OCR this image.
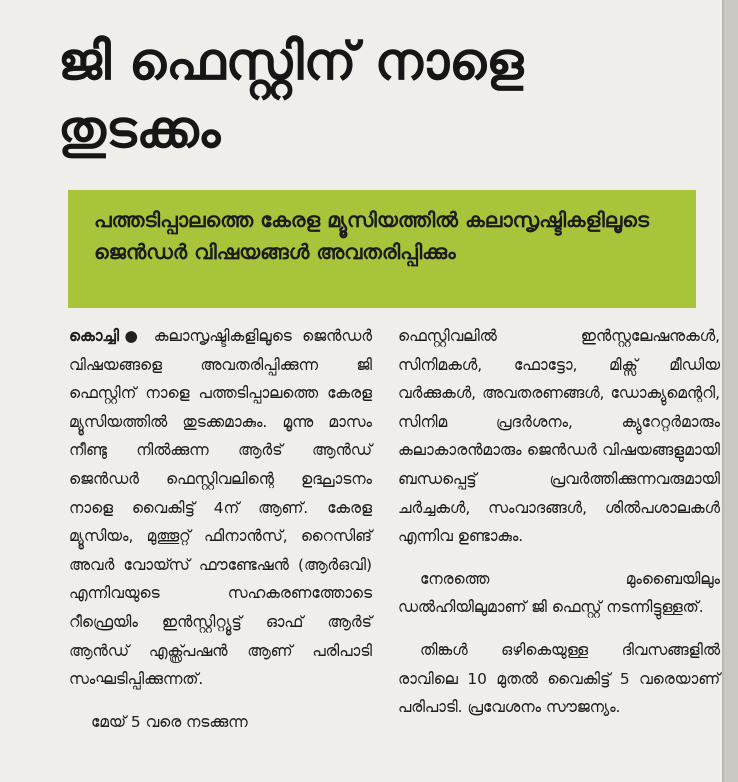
ജി ഫെസ്റ്റിന് നാളെ തുടക്കം

പത്തടിപ്പാലത്തെ കേരള മ്യൂസിയത്തിൽ കലാസൃഷ്ടികളിലൂടെ ജെൻഡർ വിഷയങ്ങൾ അവതരിപ്പിക്കും

കൊച്ചി● കലാസൃഷ്ടികളിലൂടെ ജെൻഡർ വിഷയങ്ങളെ അവതരിപ്പിക്കുന്ന ജി ഫെസ്റ്റിന് നാളെ പത്തടിപ്പാലത്തെ കേരള മ്യൂസിയത്തിൽ തുടക്കമാകും. മൂന്നു മാസം നീണ്ടു നിൽക്കുന്ന ആർട് ആൻഡ് ജെൻഡർ ഫെസ്റ്റിവലിന്റെ ഉദ്ഘാടനം നാളെ വൈകിട്ട് 4ന് ആണ്. കേരള മ്യൂസിയം, മുത്തൂറ്റ് ഫിനാൻസ്, റൈസിങ് അവർ വോയ്സ് ഫൗണ്ടേഷൻ (ആർഒവി) എന്നിവയുടെ സഹകരണത്തോടെ റീഫ്രെയിം ഇൻസ്റ്റിറ്റ്യൂട്ട് ഓഫ് ആർട് ആൻഡ് എക്സ്പ്രഷൻ ആണ് പരിപാടി സംഘടിപ്പിക്കുന്നത്.

മേയ് 5 വരെ നടക്കുന്ന

ഫെസ്റ്റിവലിൽ ഇൻസ്റ്റലേഷനുകൾ, സിനിമകൾ, ഫോട്ടോ, മിക്സ് മീഡിയ വർക്കുകൾ, അവതരണങ്ങൾ, ഡോക്യുമെന്ററി, സിനിമ പ്രദർശനം, ക്യുറേറ്റർമാരും കലാകാരൻമാരും ജെൻഡർ വിഷയങ്ങളുമായി ബന്ധപ്പെട്ട് പ്രവർത്തിക്കുന്നവരുമായി ചർച്ചകൾ, സംവാദങ്ങൾ, ശിൽപശാലകൾ എന്നിവ ഉണ്ടാകും.

നേരത്തെ മുംബൈയിലും ഡൽഹിയിലുമാണ് ജി ഫെസ്റ്റ് നടന്നിട്ടുള്ളത്.

തിങ്കൾ ഒഴികെയുള്ള ദിവസങ്ങളിൽ രാവിലെ 10 മുതൽ വൈകിട്ട് 5 വരെയാണ് പരിപാടി. പ്രവേശനം സൗജന്യം.
